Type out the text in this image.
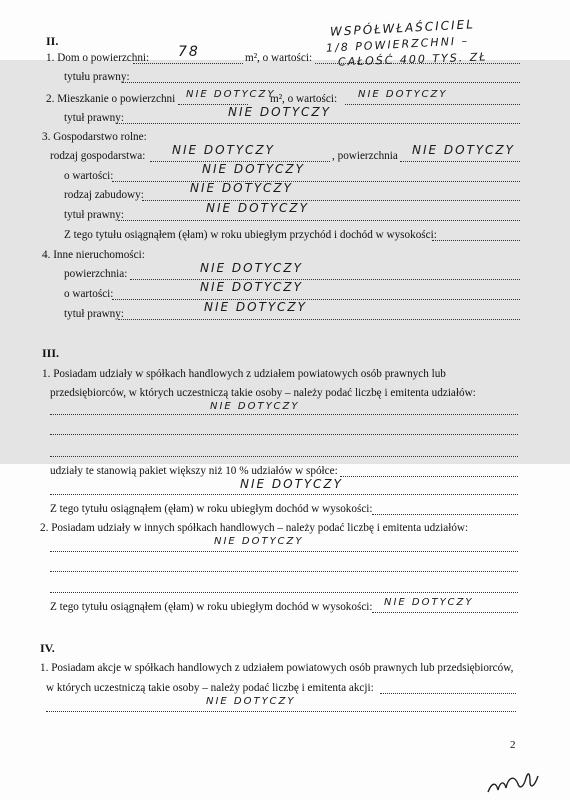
II.
WSPÓŁWŁAŚCICIEL
1/8 POWIERZCHNI –
1. Dom o powierzchni: 78	m², o wartości: CAŁOŚĆ 400 TYS. ZŁ
tytułu prawny:
2. Mieszkanie o powierzchni NIE DOTYCZY
m², o wartości: NIE DOTYCZY
tytuł prawny:	NIE DOTYCZY
3. Gospodarstwo rolne:
rodzaj gospodarstwa: NIE DOTYCZY	, powierzchnia NIE DOTYCZY
o wartości:	NIE DOTYCZY
rodzaj zabudowy:	NIE DOTYCZY
tytuł prawny:	NIE DOTYCZY
Z tego tytułu osiągnąłem (ęłam) w roku ubiegłym przychód i dochód w wysokości:
4. Inne nieruchomości:
powierzchnia:	NIE DOTYCZY
o wartości:	NIE DOTYCZY
tytuł prawny:	NIE DOTYCZY
III.
1. Posiadam udziały w spółkach handlowych z udziałem powiatowych osób prawnych lub
przedsiębiorców, w których uczestniczą takie osoby – należy podać liczbę i emitenta udziałów:
NIE DOTYCZY
udziały te stanowią pakiet większy niż 10 % udziałów w spółce:
NIE DOTYCZY
Z tego tytułu osiągnąłem (ęłam) w roku ubiegłym dochód w wysokości:
2. Posiadam udziały w innych spółkach handlowych – należy podać liczbę i emitenta udziałów:
NIE DOTYCZY
Z tego tytułu osiągnąłem (ęłam) w roku ubiegłym dochód w wysokości: NIE DOTYCZY
IV.
1. Posiadam akcje w spółkach handlowych z udziałem powiatowych osób prawnych lub przedsiębiorców,
w których uczestniczą takie osoby – należy podać liczbę i emitenta akcji:
NIE DOTYCZY
2
